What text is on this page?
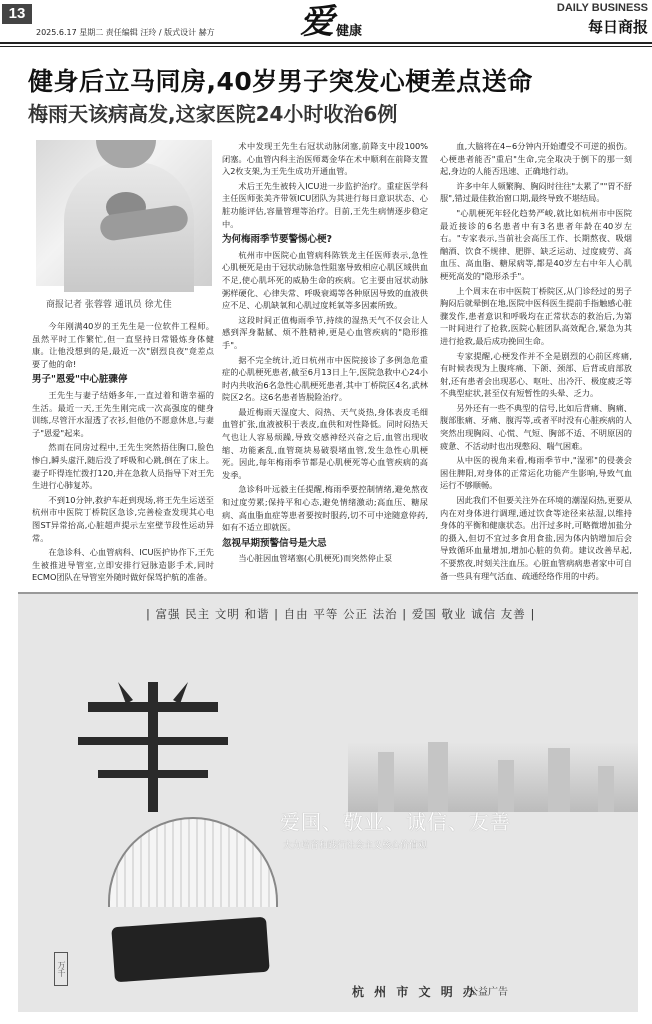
13
2025.6.17 星期二 责任编辑 汪玲 / 版式设计 赫方	爱 健康
DAILY BUSINESS
每日商报
健身后立马同房,40岁男子突发心梗差点送命
梅雨天该病高发,这家医院24小时收治6例
商报记者 张蓉蓉 通讯员 徐尤佳

今年刚满40岁的王先生是一位软件工程师。虽然平时工作繁忙,但一直坚持日常锻炼身体健康。让他没想到的是,最近一次"剧烈良夜"竟差点要了他的命!

男子"恩爱"中心脏骤停

王先生与妻子结婚多年,一直过着和谐幸福的生活。最近一天,王先生刚完成一次高强度的健身训练,尽管汗水湿透了衣衫,但他仍不愿意休息,与妻子"恩爱"起来。

然而在同房过程中,王先生突然捂住胸口,脸色惨白,瞬头虚汗,随后没了呼吸和心跳,倒在了床上。妻子吓得连忙拨打120,并在急救人员指导下对王先生进行心肺复苏。

不到10分钟,救护车赶到现场,将王先生运送至杭州市中医院丁桥院区急诊,完善检查发现其心电图ST异常抬高,心脏超声提示左室壁节段性运动异常。

在急诊科、心血管病科、ICU医护协作下,王先生被推进导管室,立即安排行冠脉造影手术,同时ECMO团队在导管室外随时做好保驾护航的准备。

术中发现王先生右冠状动脉闭塞,前降支中段100%闭塞。心血管内科主治医师葛金华在术中顺利在前降支置入2枚支架,为王先生成功开通血管。

术后王先生被转入ICU进一步监护治疗。重症医学科主任医师张美齐带领ICU团队为其进行每日意识状态、心脏功能评估,容量管理等治疗。目前,王先生病情逐步稳定中。

为何梅雨季节要警惕心梗?

杭州市中医院心血管病科陈铁龙主任医师表示,急性心肌梗死是由于冠状动脉急性阻塞导致相应心肌区域供血不足,使心肌坏死的威胁生命的疾病。它主要由冠状动脉粥样硬化、心律失常、呼吸衰竭等各种原因导致的血液供应不足、心肌缺氧和心肌过度耗氧等多因素所致。

这段时间正值梅雨季节,持续的湿热天气不仅会让人感到浑身黏腻、烦不胜精神,更是心血管疾病的"隐形推手"。

据不完全统计,近日杭州市中医院接诊了多例急危重症的心肌梗死患者,截至6月13日上午,医院急救中心24小时内共收治6名急性心肌梗死患者,其中丁桥院区4名,武林院区2名。这6名患者皆脱险治疗。

最近梅雨天湿度大、闷热、天气炎热,身体表皮毛细血管扩张,血液被积于表皮,血供和对性降低。同时闷热天气也让人容易烦躁,导致交感神经兴奋之后,血管出现收缩、功能紊乱,血管斑块易破裂堵血管,发生急性心肌梗死。因此,每年梅雨季节都是心肌梗死等心血管疾病的高发季。

急诊科叶远毅主任提醒,梅雨季要控制情绪,避免熬夜和过度劳累;保持平和心态,避免情绪激动;高血压、糖尿病、高血脂血症等患者要按时服药,切不可中途随意停药,如有不适立即就医。

忽视早期预警信号是大忌

当心脏因血管堵塞(心肌梗死)而突然停止泵

血,大脑将在4~6分钟内开始遭受不可逆的损伤。心梗患者能否"重启"生命,完全取决于倒下的那一刻起,身边的人能否迅速、正确地行动。

许多中年人频繁胸、胸闷时往往"太累了""胃不舒服",错过最佳救治窗口期,最终导致不堪结局。

"心肌梗死年轻化趋势严峻,就比如杭州市中医院最近接诊的6名患者中有3名患者年龄在40岁左右。"专家表示,当前社会高压工作、长期熬夜、吸烟酗酒、饮食不规律、肥胖、缺乏运动、过度疲劳、高血压、高血脂、糖尿病等,都是40岁左右中年人心肌梗死高发的"隐形杀手"。

上个周末在市中医院丁桥院区,从门诊经过的男子胸闷后就晕倒在地,医院中医科医生提前手指触感心脏骤发作,患者意识和呼吸均在正常状态的救治后,为第一时间进行了抢救,医院心脏团队高效配合,紧急为其进行抢救,最后成功挽回生命。

专家提醒,心梗发作并不全是剧烈的心前区疼痛,有时候表现为上腹疼痛、下颌、颈部、后背或肩部放射,还有患者会出现恶心、呕吐、出冷汗、极度疲乏等不典型症状,甚至仅有短暂性的头晕、乏力。

另外还有一些不典型的信号,比如后背痛、胸痛、腹部胀痛、牙痛、腹泻等,或者平时没有心脏疾病的人突然出现胸闷、心慌、气短、胸部不适、不明原因的疲惫、不活动时也出现憋闷、喘气困难。

从中医的视角来看,梅雨季节中,"湿邪"的侵袭会困住脾阳,对身体的正常运化功能产生影响,导致气血运行不够顺畅。

因此我们不但要关注外在环境的潮湿闷热,更要从内在对身体进行调理,通过饮食等途径来祛湿,以维持身体的平衡和健康状态。出汗过多时,可略微增加盐分的摄入,但切不宜过多食用食盐,因为体内钠增加后会导致循环血量增加,增加心脏的负荷。建议改善早起,不要熬夜,时刻关注血压。心脏血管病病患者家中可自备一些具有理气活血、疏通经络作用的中药。

| 富强 民主 文明 和谐 | 自由 平等 公正 法治 | 爱国 敬业 诚信 友善 |
爱国、敬业、诚信、友善
大力培育和践行社会主义核心价值观
万千
杭 州 市 文 明 办
公益广告
